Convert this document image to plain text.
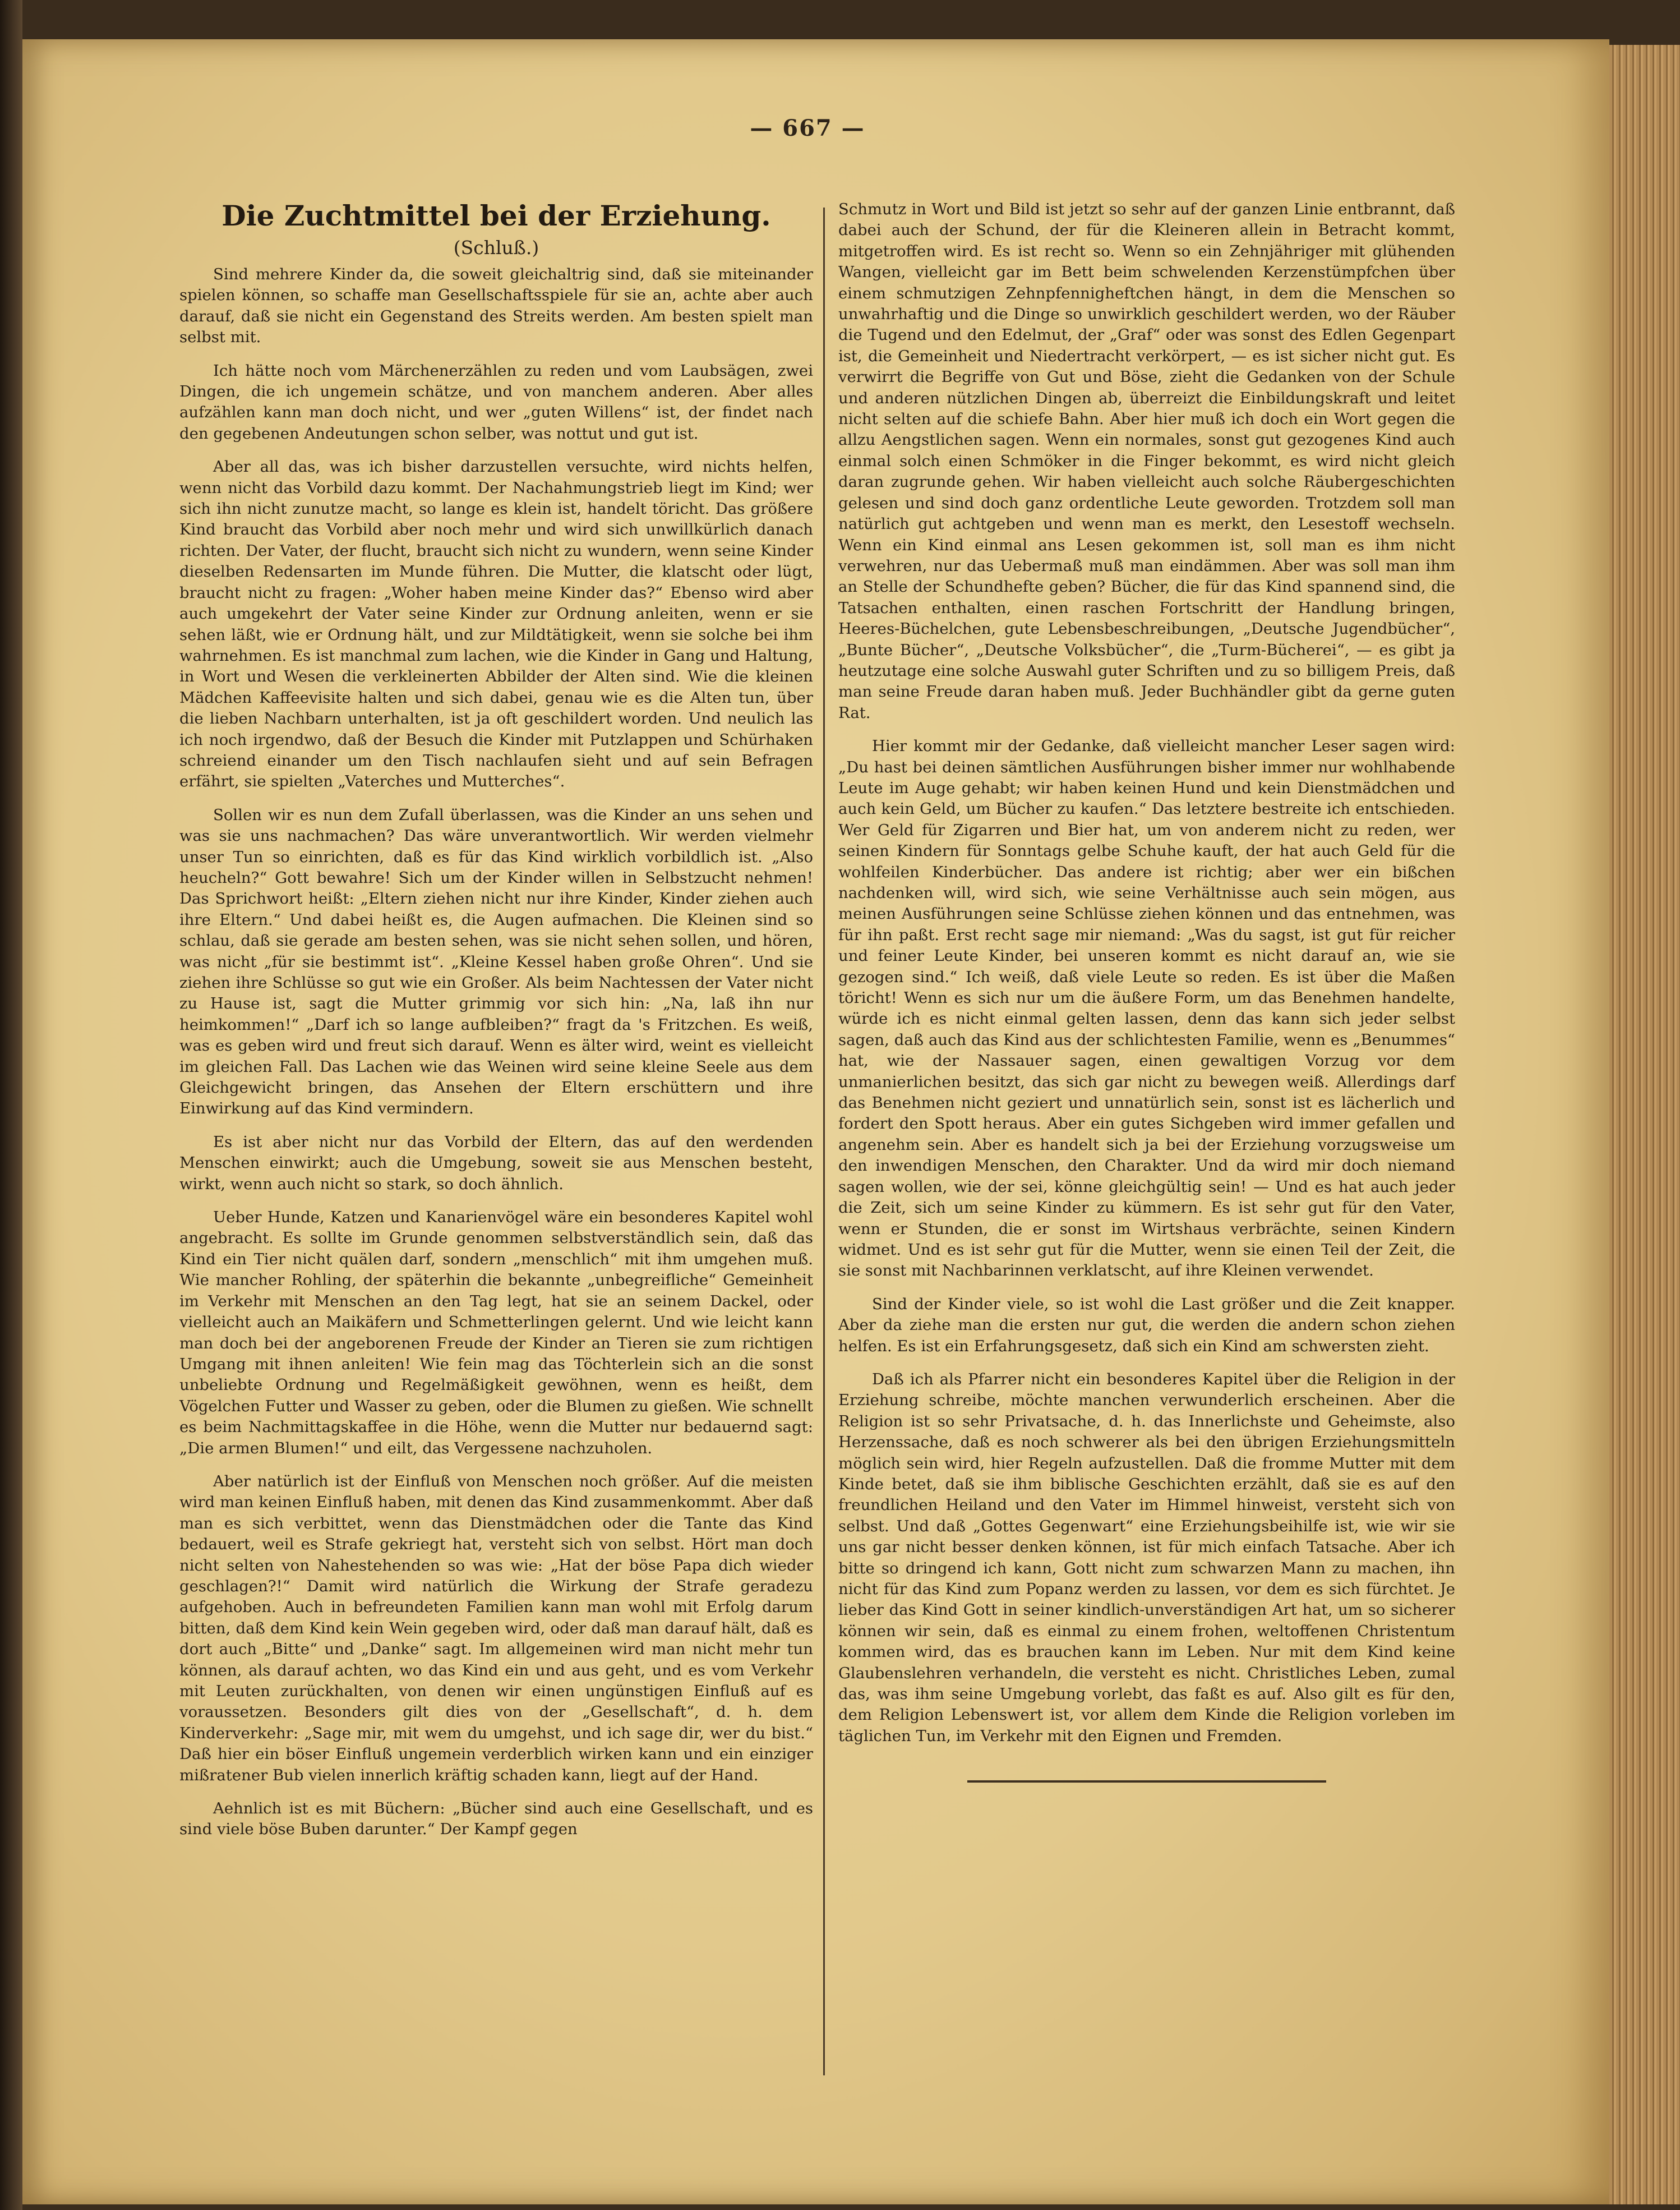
— 667 —
Die Zuchtmittel bei der Erziehung.
(Schluß.)

Sind mehrere Kinder da, die soweit gleichaltrig sind, daß sie miteinander spielen können, so schaffe man Gesellschaftsspiele für sie an, achte aber auch darauf, daß sie nicht ein Gegenstand des Streits werden. Am besten spielt man selbst mit.

Ich hätte noch vom Märchenerzählen zu reden und vom Laubsägen, zwei Dingen, die ich ungemein schätze, und von manchem anderen. Aber alles aufzählen kann man doch nicht, und wer „guten Willens“ ist, der findet nach den gegebenen Andeutungen schon selber, was nottut und gut ist.

Aber all das, was ich bisher darzustellen versuchte, wird nichts helfen, wenn nicht das Vorbild dazu kommt. Der Nachahmungstrieb liegt im Kind; wer sich ihn nicht zunutze macht, so lange es klein ist, handelt töricht. Das größere Kind braucht das Vorbild aber noch mehr und wird sich unwillkürlich danach richten. Der Vater, der flucht, braucht sich nicht zu wundern, wenn seine Kinder dieselben Redensarten im Munde führen. Die Mutter, die klatscht oder lügt, braucht nicht zu fragen: „Woher haben meine Kinder das?“ Ebenso wird aber auch umgekehrt der Vater seine Kinder zur Ordnung anleiten, wenn er sie sehen läßt, wie er Ordnung hält, und zur Mildtätigkeit, wenn sie solche bei ihm wahrnehmen. Es ist manchmal zum lachen, wie die Kinder in Gang und Haltung, in Wort und Wesen die verkleinerten Abbilder der Alten sind. Wie die kleinen Mädchen Kaffeevisite halten und sich dabei, genau wie es die Alten tun, über die lieben Nachbarn unterhalten, ist ja oft geschildert worden. Und neulich las ich noch irgendwo, daß der Besuch die Kinder mit Putzlappen und Schürhaken schreiend einander um den Tisch nachlaufen sieht und auf sein Befragen erfährt, sie spielten „Vaterches und Mutterches“.

Sollen wir es nun dem Zufall überlassen, was die Kinder an uns sehen und was sie uns nachmachen? Das wäre unverantwortlich. Wir werden vielmehr unser Tun so einrichten, daß es für das Kind wirklich vorbildlich ist. „Also heucheln?“ Gott bewahre! Sich um der Kinder willen in Selbstzucht nehmen! Das Sprichwort heißt: „Eltern ziehen nicht nur ihre Kinder, Kinder ziehen auch ihre Eltern.“ Und dabei heißt es, die Augen aufmachen. Die Kleinen sind so schlau, daß sie gerade am besten sehen, was sie nicht sehen sollen, und hören, was nicht „für sie bestimmt ist“. „Kleine Kessel haben große Ohren“. Und sie ziehen ihre Schlüsse so gut wie ein Großer. Als beim Nachtessen der Vater nicht zu Hause ist, sagt die Mutter grimmig vor sich hin: „Na, laß ihn nur heimkommen!“ „Darf ich so lange aufbleiben?“ fragt da 's Fritzchen. Es weiß, was es geben wird und freut sich darauf. Wenn es älter wird, weint es vielleicht im gleichen Fall. Das Lachen wie das Weinen wird seine kleine Seele aus dem Gleichgewicht bringen, das Ansehen der Eltern erschüttern und ihre Einwirkung auf das Kind vermindern.

Es ist aber nicht nur das Vorbild der Eltern, das auf den werdenden Menschen einwirkt; auch die Umgebung, soweit sie aus Menschen besteht, wirkt, wenn auch nicht so stark, so doch ähnlich.

Ueber Hunde, Katzen und Kanarienvögel wäre ein besonderes Kapitel wohl angebracht. Es sollte im Grunde genommen selbstverständlich sein, daß das Kind ein Tier nicht quälen darf, sondern „menschlich“ mit ihm umgehen muß. Wie mancher Rohling, der späterhin die bekannte „unbegreifliche“ Gemeinheit im Verkehr mit Menschen an den Tag legt, hat sie an seinem Dackel, oder vielleicht auch an Maikäfern und Schmetterlingen gelernt. Und wie leicht kann man doch bei der angeborenen Freude der Kinder an Tieren sie zum richtigen Umgang mit ihnen anleiten! Wie fein mag das Töchterlein sich an die sonst unbeliebte Ordnung und Regelmäßigkeit gewöhnen, wenn es heißt, dem Vögelchen Futter und Wasser zu geben, oder die Blumen zu gießen. Wie schnellt es beim Nachmittagskaffee in die Höhe, wenn die Mutter nur bedauernd sagt: „Die armen Blumen!“ und eilt, das Vergessene nachzuholen.

Aber natürlich ist der Einfluß von Menschen noch größer. Auf die meisten wird man keinen Einfluß haben, mit denen das Kind zusammenkommt. Aber daß man es sich verbittet, wenn das Dienstmädchen oder die Tante das Kind bedauert, weil es Strafe gekriegt hat, versteht sich von selbst. Hört man doch nicht selten von Nahestehenden so was wie: „Hat der böse Papa dich wieder geschlagen?!“ Damit wird natürlich die Wirkung der Strafe geradezu aufgehoben. Auch in befreundeten Familien kann man wohl mit Erfolg darum bitten, daß dem Kind kein Wein gegeben wird, oder daß man darauf hält, daß es dort auch „Bitte“ und „Danke“ sagt. Im allgemeinen wird man nicht mehr tun können, als darauf achten, wo das Kind ein und aus geht, und es vom Verkehr mit Leuten zurückhalten, von denen wir einen ungünstigen Einfluß auf es voraussetzen. Besonders gilt dies von der „Gesellschaft“, d. h. dem Kinderverkehr: „Sage mir, mit wem du umgehst, und ich sage dir, wer du bist.“ Daß hier ein böser Einfluß ungemein verderblich wirken kann und ein einziger mißratener Bub vielen innerlich kräftig schaden kann, liegt auf der Hand.

Aehnlich ist es mit Büchern: „Bücher sind auch eine Gesellschaft, und es sind viele böse Buben darunter.“ Der Kampf gegen

Schmutz in Wort und Bild ist jetzt so sehr auf der ganzen Linie entbrannt, daß dabei auch der Schund, der für die Kleineren allein in Betracht kommt, mitgetroffen wird. Es ist recht so. Wenn so ein Zehnjähriger mit glühenden Wangen, vielleicht gar im Bett beim schwelenden Kerzenstümpfchen über einem schmutzigen Zehnpfennigheftchen hängt, in dem die Menschen so unwahrhaftig und die Dinge so unwirklich geschildert werden, wo der Räuber die Tugend und den Edelmut, der „Graf“ oder was sonst des Edlen Gegenpart ist, die Gemeinheit und Niedertracht verkörpert, — es ist sicher nicht gut. Es verwirrt die Begriffe von Gut und Böse, zieht die Gedanken von der Schule und anderen nützlichen Dingen ab, überreizt die Einbildungskraft und leitet nicht selten auf die schiefe Bahn. Aber hier muß ich doch ein Wort gegen die allzu Aengstlichen sagen. Wenn ein normales, sonst gut gezogenes Kind auch einmal solch einen Schmöker in die Finger bekommt, es wird nicht gleich daran zugrunde gehen. Wir haben vielleicht auch solche Räubergeschichten gelesen und sind doch ganz ordentliche Leute geworden. Trotzdem soll man natürlich gut achtgeben und wenn man es merkt, den Lesestoff wechseln. Wenn ein Kind einmal ans Lesen gekommen ist, soll man es ihm nicht verwehren, nur das Uebermaß muß man eindämmen. Aber was soll man ihm an Stelle der Schundhefte geben? Bücher, die für das Kind spannend sind, die Tatsachen enthalten, einen raschen Fortschritt der Handlung bringen, Heeres-Büchelchen, gute Lebensbeschreibungen, „Deutsche Jugendbücher“, „Bunte Bücher“, „Deutsche Volksbücher“, die „Turm-Bücherei“, — es gibt ja heutzutage eine solche Auswahl guter Schriften und zu so billigem Preis, daß man seine Freude daran haben muß. Jeder Buchhändler gibt da gerne guten Rat.

Hier kommt mir der Gedanke, daß vielleicht mancher Leser sagen wird: „Du hast bei deinen sämtlichen Ausführungen bisher immer nur wohlhabende Leute im Auge gehabt; wir haben keinen Hund und kein Dienstmädchen und auch kein Geld, um Bücher zu kaufen.“ Das letztere bestreite ich entschieden. Wer Geld für Zigarren und Bier hat, um von anderem nicht zu reden, wer seinen Kindern für Sonntags gelbe Schuhe kauft, der hat auch Geld für die wohlfeilen Kinderbücher. Das andere ist richtig; aber wer ein bißchen nachdenken will, wird sich, wie seine Verhältnisse auch sein mögen, aus meinen Ausführungen seine Schlüsse ziehen können und das entnehmen, was für ihn paßt. Erst recht sage mir niemand: „Was du sagst, ist gut für reicher und feiner Leute Kinder, bei unseren kommt es nicht darauf an, wie sie gezogen sind.“ Ich weiß, daß viele Leute so reden. Es ist über die Maßen töricht! Wenn es sich nur um die äußere Form, um das Benehmen handelte, würde ich es nicht einmal gelten lassen, denn das kann sich jeder selbst sagen, daß auch das Kind aus der schlichtesten Familie, wenn es „Benummes“ hat, wie der Nassauer sagen, einen gewaltigen Vorzug vor dem unmanierlichen besitzt, das sich gar nicht zu bewegen weiß. Allerdings darf das Benehmen nicht geziert und unnatürlich sein, sonst ist es lächerlich und fordert den Spott heraus. Aber ein gutes Sichgeben wird immer gefallen und angenehm sein. Aber es handelt sich ja bei der Erziehung vorzugsweise um den inwendigen Menschen, den Charakter. Und da wird mir doch niemand sagen wollen, wie der sei, könne gleichgültig sein! — Und es hat auch jeder die Zeit, sich um seine Kinder zu kümmern. Es ist sehr gut für den Vater, wenn er Stunden, die er sonst im Wirtshaus verbrächte, seinen Kindern widmet. Und es ist sehr gut für die Mutter, wenn sie einen Teil der Zeit, die sie sonst mit Nachbarinnen verklatscht, auf ihre Kleinen verwendet.

Sind der Kinder viele, so ist wohl die Last größer und die Zeit knapper. Aber da ziehe man die ersten nur gut, die werden die andern schon ziehen helfen. Es ist ein Erfahrungsgesetz, daß sich ein Kind am schwersten zieht.

Daß ich als Pfarrer nicht ein besonderes Kapitel über die Religion in der Erziehung schreibe, möchte manchen verwunderlich erscheinen. Aber die Religion ist so sehr Privatsache, d. h. das Innerlichste und Geheimste, also Herzenssache, daß es noch schwerer als bei den übrigen Erziehungsmitteln möglich sein wird, hier Regeln aufzustellen. Daß die fromme Mutter mit dem Kinde betet, daß sie ihm biblische Geschichten erzählt, daß sie es auf den freundlichen Heiland und den Vater im Himmel hinweist, versteht sich von selbst. Und daß „Gottes Gegenwart“ eine Erziehungsbeihilfe ist, wie wir sie uns gar nicht besser denken können, ist für mich einfach Tatsache. Aber ich bitte so dringend ich kann, Gott nicht zum schwarzen Mann zu machen, ihn nicht für das Kind zum Popanz werden zu lassen, vor dem es sich fürchtet. Je lieber das Kind Gott in seiner kindlich-unverständigen Art hat, um so sicherer können wir sein, daß es einmal zu einem frohen, weltoffenen Christentum kommen wird, das es brauchen kann im Leben. Nur mit dem Kind keine Glaubenslehren verhandeln, die versteht es nicht. Christliches Leben, zumal das, was ihm seine Umgebung vorlebt, das faßt es auf. Also gilt es für den, dem Religion Lebenswert ist, vor allem dem Kinde die Religion vorleben im täglichen Tun, im Verkehr mit den Eignen und Fremden.
